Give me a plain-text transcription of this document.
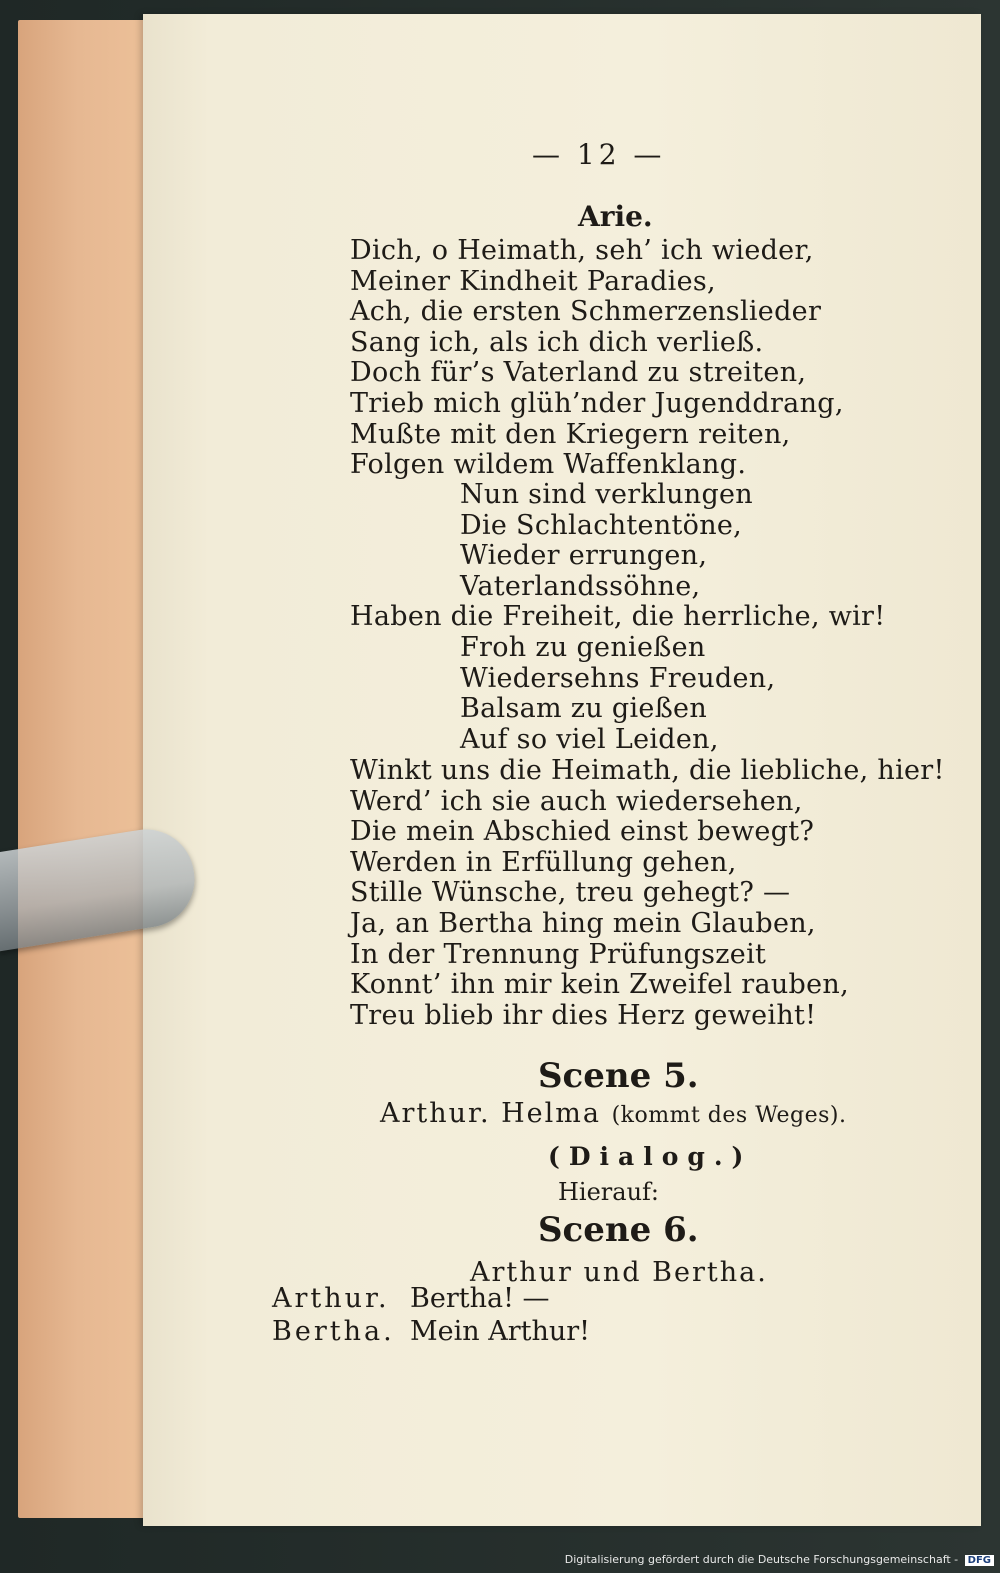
— 12 —
Arie.
Dich, o Heimath, seh’ ich wieder,
Meiner Kindheit Paradies,
Ach, die ersten Schmerzenslieder
Sang ich, als ich dich verließ.
Doch für’s Vaterland zu streiten,
Trieb mich glüh’nder Jugenddrang,
Mußte mit den Kriegern reiten,
Folgen wildem Waffenklang.
Nun sind verklungen
Die Schlachtentöne,
Wieder errungen,
Vaterlandssöhne,
Haben die Freiheit, die herrliche, wir!
Froh zu genießen
Wiedersehns Freuden,
Balsam zu gießen
Auf so viel Leiden,
Winkt uns die Heimath, die liebliche, hier!
Werd’ ich sie auch wiedersehen,
Die mein Abschied einst bewegt?
Werden in Erfüllung gehen,
Stille Wünsche, treu gehegt? —
Ja, an Bertha hing mein Glauben,
In der Trennung Prüfungszeit
Konnt’ ihn mir kein Zweifel rauben,
Treu blieb ihr dies Herz geweiht!
Scene 5.
Arthur. Helma (kommt des Weges).
(Dialog.)
Hierauf:
Scene 6.
Arthur und Bertha.
Arthur. Bertha! —
Bertha. Mein Arthur!
Digitalisierung gefördert durch die Deutsche Forschungsgemeinschaft - DFG
